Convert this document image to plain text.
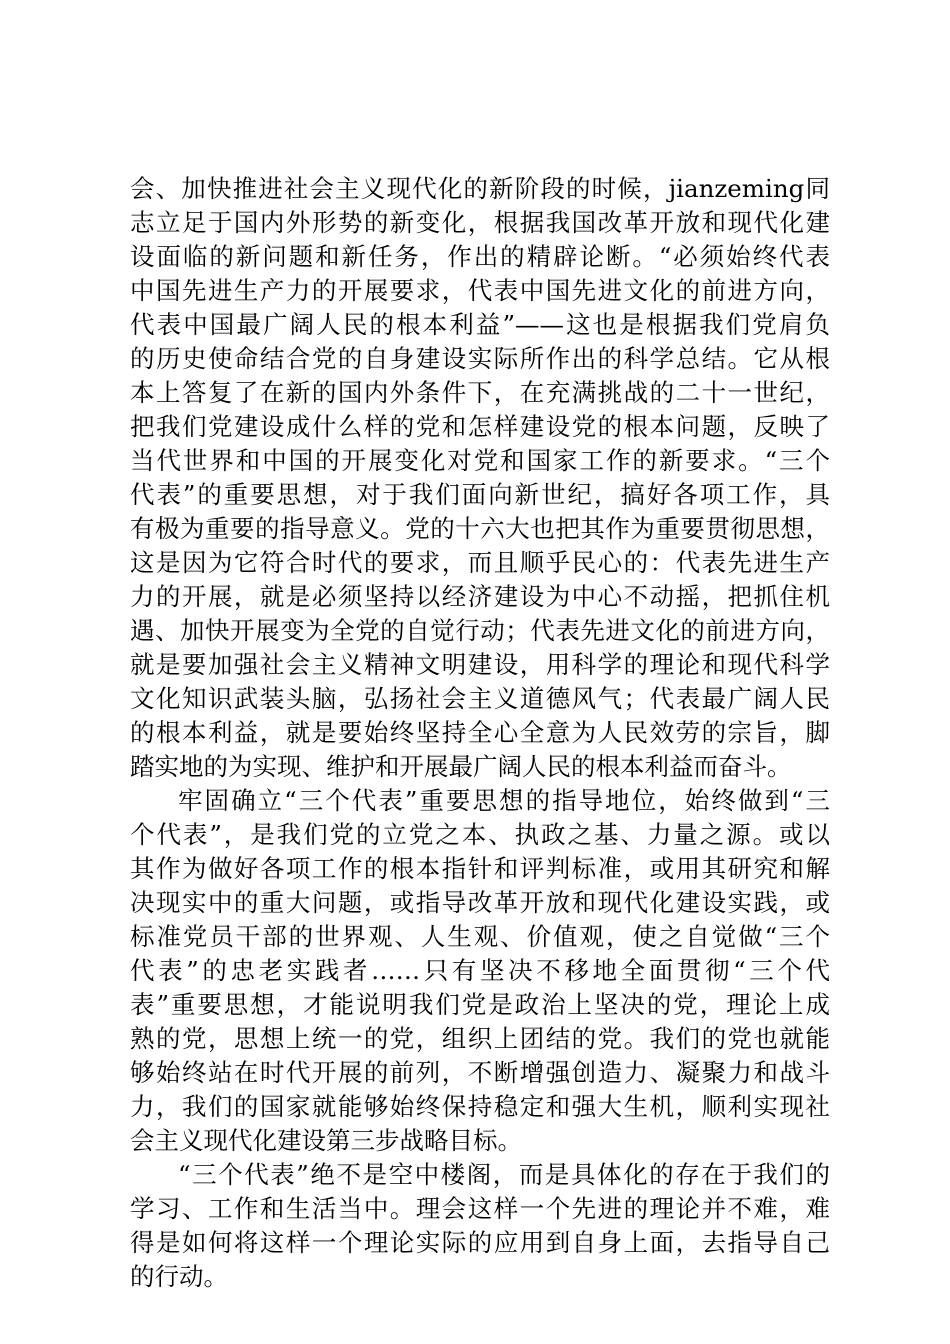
会、加快推进社会主义现代化的新阶段的时候，jianzeming同
志立足于国内外形势的新变化，根据我国改革开放和现代化建
设面临的新问题和新任务，作出的精辟论断。“必须始终代表
中国先进生产力的开展要求，代表中国先进文化的前进方向，
代表中国最广阔人民的根本利益”——这也是根据我们党肩负
的历史使命结合党的自身建设实际所作出的科学总结。它从根
本上答复了在新的国内外条件下，在充满挑战的二十一世纪，
把我们党建设成什么样的党和怎样建设党的根本问题，反映了
当代世界和中国的开展变化对党和国家工作的新要求。“三个
代表”的重要思想，对于我们面向新世纪，搞好各项工作，具
有极为重要的指导意义。党的十六大也把其作为重要贯彻思想，
这是因为它符合时代的要求，而且顺乎民心的：代表先进生产
力的开展，就是必须坚持以经济建设为中心不动摇，把抓住机
遇、加快开展变为全党的自觉行动；代表先进文化的前进方向，
就是要加强社会主义精神文明建设，用科学的理论和现代科学
文化知识武装头脑，弘扬社会主义道德风气；代表最广阔人民
的根本利益，就是要始终坚持全心全意为人民效劳的宗旨，脚
踏实地的为实现、维护和开展最广阔人民的根本利益而奋斗。
牢固确立“三个代表”重要思想的指导地位，始终做到“三
个代表”，是我们党的立党之本、执政之基、力量之源。或以
其作为做好各项工作的根本指针和评判标准，或用其研究和解
决现实中的重大问题，或指导改革开放和现代化建设实践，或
标准党员干部的世界观、人生观、价值观，使之自觉做“三个
代表”的忠老实践者……只有坚决不移地全面贯彻“三个代
表”重要思想，才能说明我们党是政治上坚决的党，理论上成
熟的党，思想上统一的党，组织上团结的党。我们的党也就能
够始终站在时代开展的前列，不断增强创造力、凝聚力和战斗
力，我们的国家就能够始终保持稳定和强大生机，顺利实现社
会主义现代化建设第三步战略目标。
“三个代表”绝不是空中楼阁，而是具体化的存在于我们的
学习、工作和生活当中。理会这样一个先进的理论并不难，难
得是如何将这样一个理论实际的应用到自身上面，去指导自己
的行动。
